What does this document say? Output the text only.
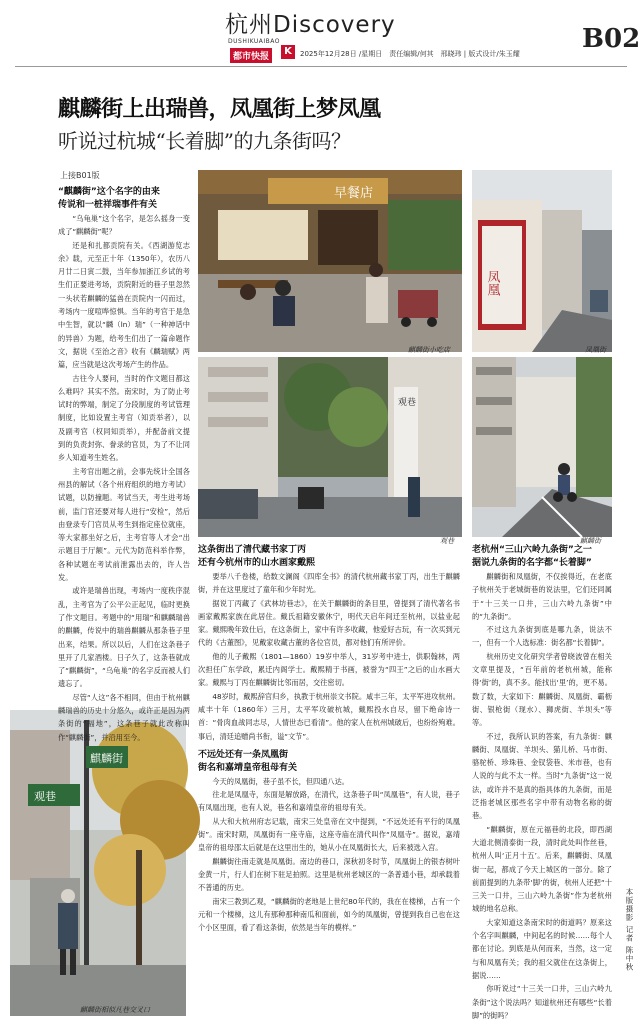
杭州Discovery
DUSHIKUAIBAO
都市快报	K	2025年12月28日 /星期日　责任编辑/何其　邢晓玮 | 版式设计/朱玉耀 B02
麒麟街上出瑞兽，凤凰街上梦凤凰
听说过杭城“长着脚”的九条街吗？
上接B01版
早餐店
麒麟街小吃店
凤凰
凤凰街
观巷
观巷	麒麟街
麒麟街
观巷
麒麟街相似凡巷交叉口
“麒麟街”这个名字的由来
传说和一桩祥瑞事件有关

“乌龟巢”这个名字，是怎么摇身一变成了“麒麟街”呢？

还是和扎都贡院有关。《西湖游览志余》载，元至正十年（1350年），农历八月廿二日寅二鼓，当年参加浙江乡试的考生们正要进考场，贡院附近的巷子里忽然一头状若麒麟的猛兽在贡院内一闪而过，考场内一度喧哗惊惧。当年的考官于是急中生智，就以“麟（ln）瑞”（一种神话中的异兽）为题，给考生们出了一篇命题作文，据说《至治之音》收有《麟瑞赋》两篇，应当就是这次考场产生的作品。

古往今人要问，当时的作文题目都这么难吗？其实不然。南宋时，为了防止考试时的弊端，制定了分段制度的考试管理制度，比如设置主考官（知贡举者），以及副考官（权同知贡举），并配备前文提到的负责封弥、誊录的官员，为了不让同乡人知道考生姓名。

主考官出题之前，会事先统计全国各州县的解试（各个州府组织的地方考试）试题，以防撞题。考试当天，考生进考场前，监门官还要对每人进行“安检”，然后由登录专门官员从考生到指定座位就座，等大家都坐好之后，主考官等人才会“出示题目于厅额”。元代为防范科举作弊，各种试题在考试前泄露出去的，许人告发。

或许是瑞兽出现，考场内一度秩序混乱，主考官为了公平公正起见，临时更换了作文题目。考题中的“用瑞”和麒麟瑞兽的麒麟，传说中的瑞兽麒麟从那条巷子里出来，结果。所以以后，人们在这条巷子里开了几家酒楼。日子久了，这条巷就成了“麒麟街”，“乌龟巢”的名字反而被人们遗忘了。

尽管“人这”各不相同，但由于杭州麒麟瑞兽的历史十分悠久，或许正是因为两条街的“福地”，这条巷子就此改称叫作“麒麟街”，并沿用至今。

这条街出了清代藏书家丁丙
还有今杭州市的山水画家戴熙

要举八千卷楼，给数文澜阁《四库全书》的清代杭州藏书家丁丙，出生于麒麟街，并在这里度过了童年和少年时光。

据说丁丙藏了《武林坊巷志》，在关于麒麟街的条目里，曾提到了清代著名书画家戴熙家族在此居住。戴氏祖籍安徽休宁，明代天启年间迁至杭州，以盐业起家。戴熙晚年致仕后，在这条街上，家中有许多收藏，他爱好古玩，有一次买到元代的《古董图》，见戴家收藏古董的各位官员，都对他们有所评价。

他的儿子戴熙（1801—1860）19岁中举人，31岁考中进士，供职翰林，两次担任广东学政，累迁内阁学士。戴熙精于书画，被誉为“四王”之后的山水画大家。戴熙与丁丙在麒麟街比邻而居，交往密切。

48岁时，戴熙辞官归乡，执教于杭州崇文书院。咸丰三年，太平军进攻杭州。咸丰十年（1860年）三月，太平军攻破杭城，戴熙投水自尽，留下绝命诗一首：“骨肉血战同志尽，人情世态已看清”。他的家人在杭州城破后，也纷纷殉难。事后，清廷追赠尚书衔，谥“文节”。

不远处还有一条凤凰街
街名和嘉靖皇帝租母有关

今天的凤凰街，巷子虽不长，但四通八达。

往北是凤凰寺，东面是解放路，在清代，这条巷子叫“凤凰巷”，有人说，巷子有凤凰出现，也有人说，巷名和嘉靖皇帝的祖母有关。

从大和大杭州府志记载，南宋三处皇帝在文中提到，“不远处还有平行的凤凰街”。南宋时期，凤凰街有一座寺庙，这座寺庙在清代叫作“凤凰寺”。据说，嘉靖皇帝的祖母邵太后就是在这里出生的，她从小在凤凰街长大，后来被选入宫。

麒麟街往南走就是凤凰街。南边的巷口，深秋初冬时节，凤凰街上的银杏树叶金黄一片，行人们在树下驻足拍照。这里是杭州老城区的一条普通小巷，却承载着不普通的历史。

南宋三教到乙观，“麒麟街的老地是上世纪80年代的，我在在楼梯，占有一个元和一个楼梯，这儿有那种那种南瓜和面前，如今的凤凰街，曾提到我自己也在这个小区里面，看了看这条街，依然是当年的模样。”

老杭州“三山六岭九条街”之一
据说九条街的名字都“长着脚”

麒麟街和凤凰街，不仅挨得近，在老底子杭州关于老城街巷的说法里，它们还同属于“十三关一口井，三山六岭九条街”中的“九条街”。

不过这九条街到底是哪九条，说法不一，但有一个人选标准：街名都“长着脚”。

杭州历史文化研究学者曾晓波曾在相关文章里提及，“百年前的老杭州城，能称得‘街’的，真不多。能找出‘里’的，更不易。数了数，大家如下：麒麟街、凤凰街、霸枥街、银枪街（现水）、狮虎街、羊坝头”等等。

不过，我所认识的答案，有九条街：麒麟街、凤凰街、羊坝头、猫儿桥、马市街、骆驼桥、珍珠巷、金钗袋巷、米市巷，也有人说的与此不太一样。当时“九条街”这一说法，或许并不是真的指具体的九条街，而是泛指老城区那些名字中带有动物名称的街巷。

“麒麟街，原在元福巷的北段，即西湖大道北侧清泰街一段，清时此处叫作丝巷，杭州人叫‘正月十五’。后来，麒麟街、凤凰街一起，都成了今天上城区的一部分。除了前面提到的九条带‘脚’的街，杭州人还把“十三关一口井，三山六岭九条街”作为老杭州城的地名总称。

大家知道这条南宋时的街道吗？原来这个名字叫麒麟，中间起名的时候……每个人都在讨论。到底是从何而来，当然，这一定与和凤凰有关；我的祖父就住在这条街上，据说……

你听说过“十三关一口井，三山六岭九条街”这个说法吗？知道杭州还有哪些“长着脚”的街吗？

本版摄影 记者 陈中秋
